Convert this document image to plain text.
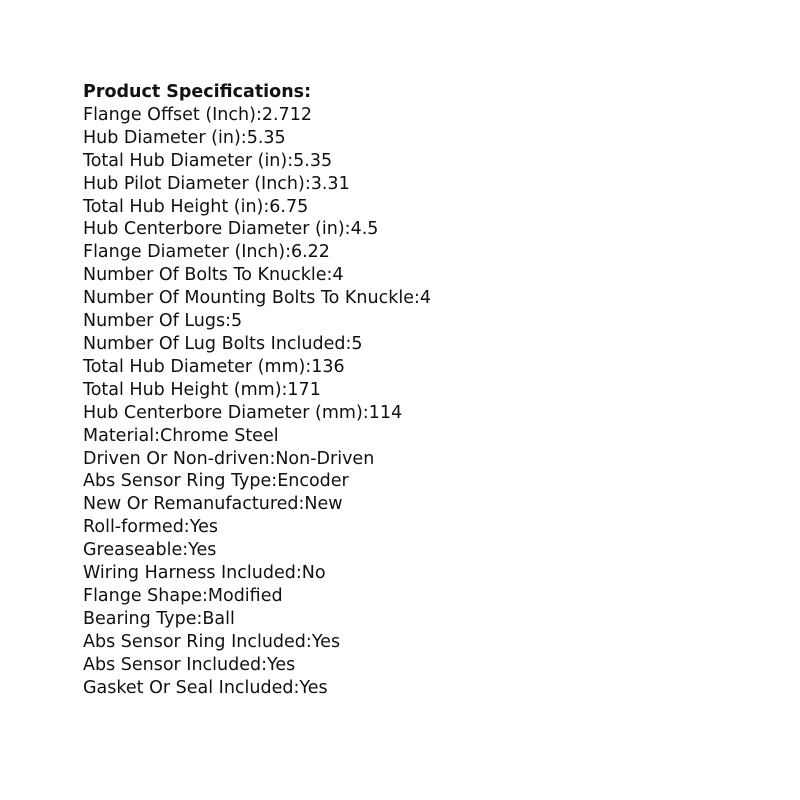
Product Specifications:
Flange Offset (Inch):2.712
Hub Diameter (in):5.35
Total Hub Diameter (in):5.35
Hub Pilot Diameter (Inch):3.31
Total Hub Height (in):6.75
Hub Centerbore Diameter (in):4.5
Flange Diameter (Inch):6.22
Number Of Bolts To Knuckle:4
Number Of Mounting Bolts To Knuckle:4
Number Of Lugs:5
Number Of Lug Bolts Included:5
Total Hub Diameter (mm):136
Total Hub Height (mm):171
Hub Centerbore Diameter (mm):114
Material:Chrome Steel
Driven Or Non-driven:Non-Driven
Abs Sensor Ring Type:Encoder
New Or Remanufactured:New
Roll-formed:Yes
Greaseable:Yes
Wiring Harness Included:No
Flange Shape:Modified
Bearing Type:Ball
Abs Sensor Ring Included:Yes
Abs Sensor Included:Yes
Gasket Or Seal Included:Yes
